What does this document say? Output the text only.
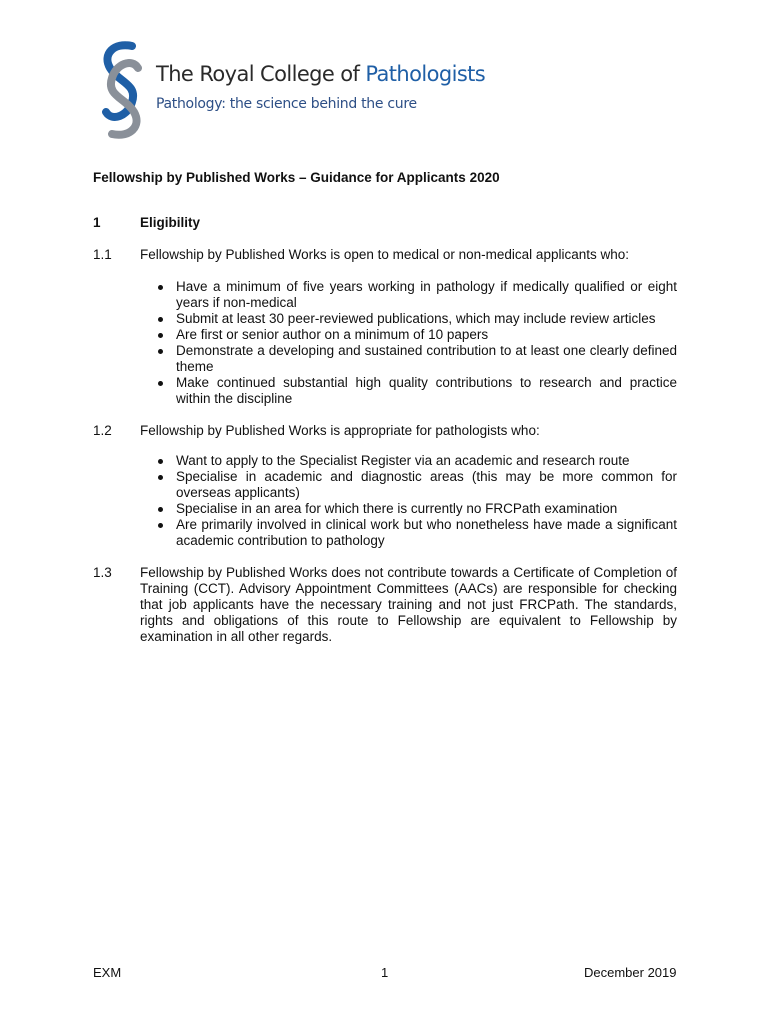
The Royal College of Pathologists
Pathology: the science behind the cure
Fellowship by Published Works – Guidance for Applicants 2020
1	Eligibility
1.1 Fellowship by Published Works is open to medical or non-medical applicants who:
Have a minimum of five years working in pathology if medically qualified or eight years if non-medical
Submit at least 30 peer-reviewed publications, which may include review articles
Are first or senior author on a minimum of 10 papers
Demonstrate a developing and sustained contribution to at least one clearly defined theme
Make continued substantial high quality contributions to research and practice within the discipline
1.2 Fellowship by Published Works is appropriate for pathologists who:
Want to apply to the Specialist Register via an academic and research route
Specialise in academic and diagnostic areas (this may be more common for overseas applicants)
Specialise in an area for which there is currently no FRCPath examination
Are primarily involved in clinical work but who nonetheless have made a significant academic contribution to pathology
1.3 Fellowship by Published Works does not contribute towards a Certificate of Completion of Training (CCT). Advisory Appointment Committees (AACs) are responsible for checking that job applicants have the necessary training and not just FRCPath. The standards, rights and obligations of this route to Fellowship are equivalent to Fellowship by examination in all other regards.
EXM	1	December 2019
